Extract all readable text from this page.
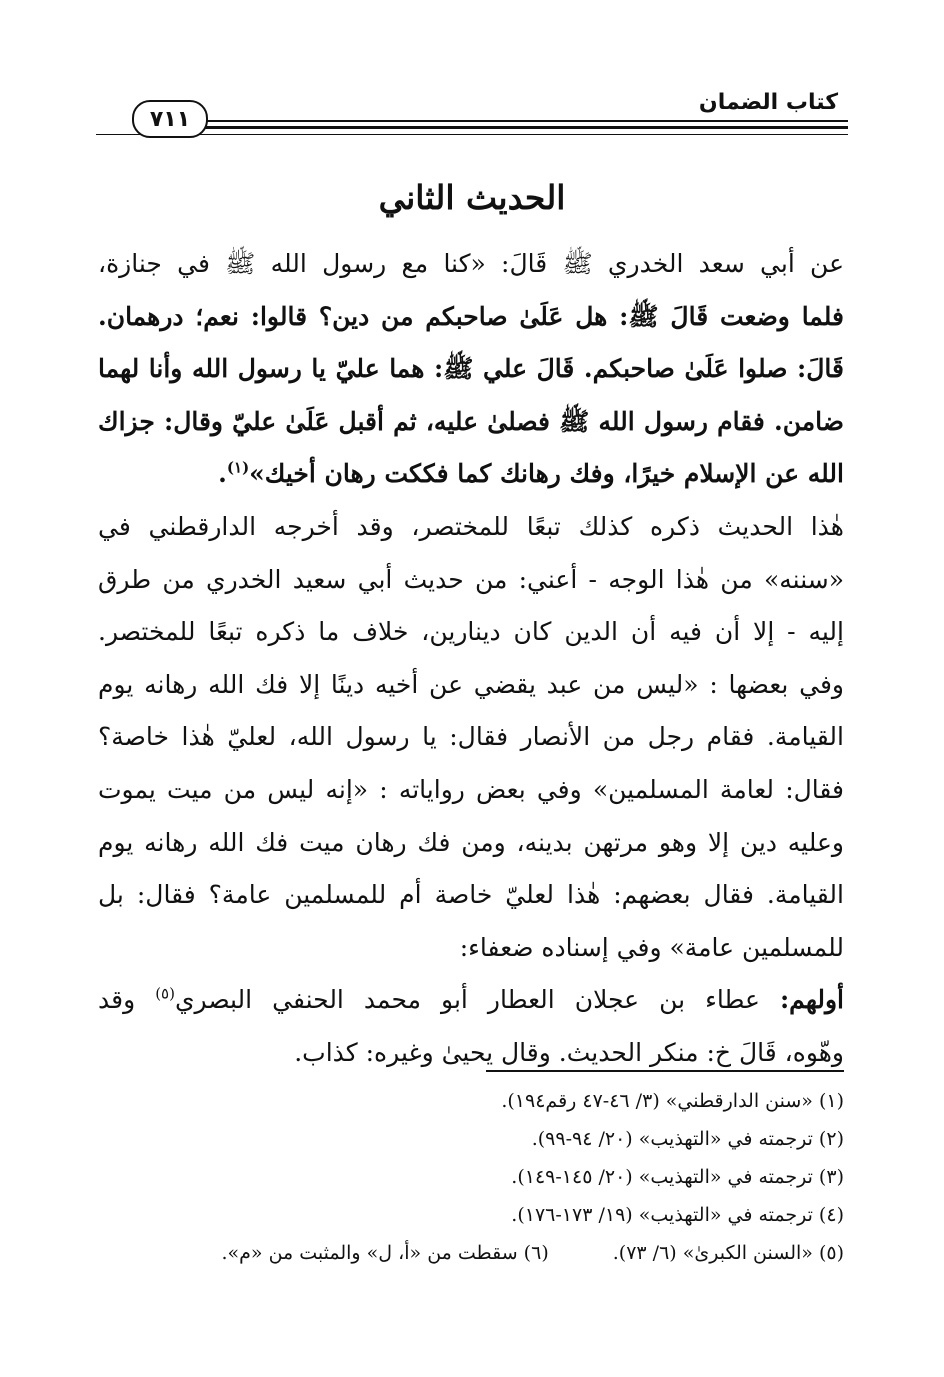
كتاب الضمان
٧١١
الحديث الثاني
عن أبي سعد الخدري ﷺ قَالَ: «كنا مع رسول الله ﷺ في جنازة،
فلما وضعت قَالَ ﷺ: هل عَلَىٰ صاحبكم من دين؟ قالوا: نعم؛ درهمان.
قَالَ: صلوا عَلَىٰ صاحبكم. قَالَ علي ﷺ: هما عليّ يا رسول الله وأنا لهما
ضامن. فقام رسول الله ﷺ فصلىٰ عليه، ثم أقبل عَلَىٰ عليّ وقال: جزاك
الله عن الإسلام خيرًا، وفك رهانك كما فككت رهان أخيك»$^{(١)}$.
هٰذا الحديث ذكره كذلك تبعًا للمختصر، وقد أخرجه الدارقطني في
«سننه» من هٰذا الوجه - أعني: من حديث أبي سعيد الخدري من طرق
إليه - إلا أن فيه أن الدين كان دينارين، خلاف ما ذكره تبعًا للمختصر.
وفي بعضها : «ليس من عبد يقضي عن أخيه دينًا إلا فك الله رهانه يوم
القيامة. فقام رجل من الأنصار فقال: يا رسول الله، لعليّ هٰذا خاصة؟
فقال: لعامة المسلمين» وفي بعض رواياته : «إنه ليس من ميت يموت
وعليه دين إلا وهو مرتهن بدينه، ومن فك رهان ميت فك الله رهانه يوم
القيامة. فقال بعضهم: هٰذا لعليّ خاصة أم للمسلمين عامة؟ فقال: بل
للمسلمين عامة» وفي إسناده ضعفاء:
أولهم: عطاء بن عجلان العطار أبو محمد الحنفي البصري$^{(٥)}$ وقد
وهّوه، قَالَ خ: منكر الحديث. وقال يحيىٰ وغيره: كذاب.
(١) «سنن الدارقطني» (٣/ ٤٦-٤٧ رقم١٩٤).
(٢) ترجمته في «التهذيب» (٢٠/ ٩٤-٩٩).
(٣) ترجمته في «التهذيب» (٢٠/ ١٤٥-١٤٩).
(٤) ترجمته في «التهذيب» (١٩/ ١٧٣-١٧٦).
(٥) «السنن الكبرىٰ» (٦/ ٧٣).
(٦) سقطت من «أ، ل» والمثبت من «م».
